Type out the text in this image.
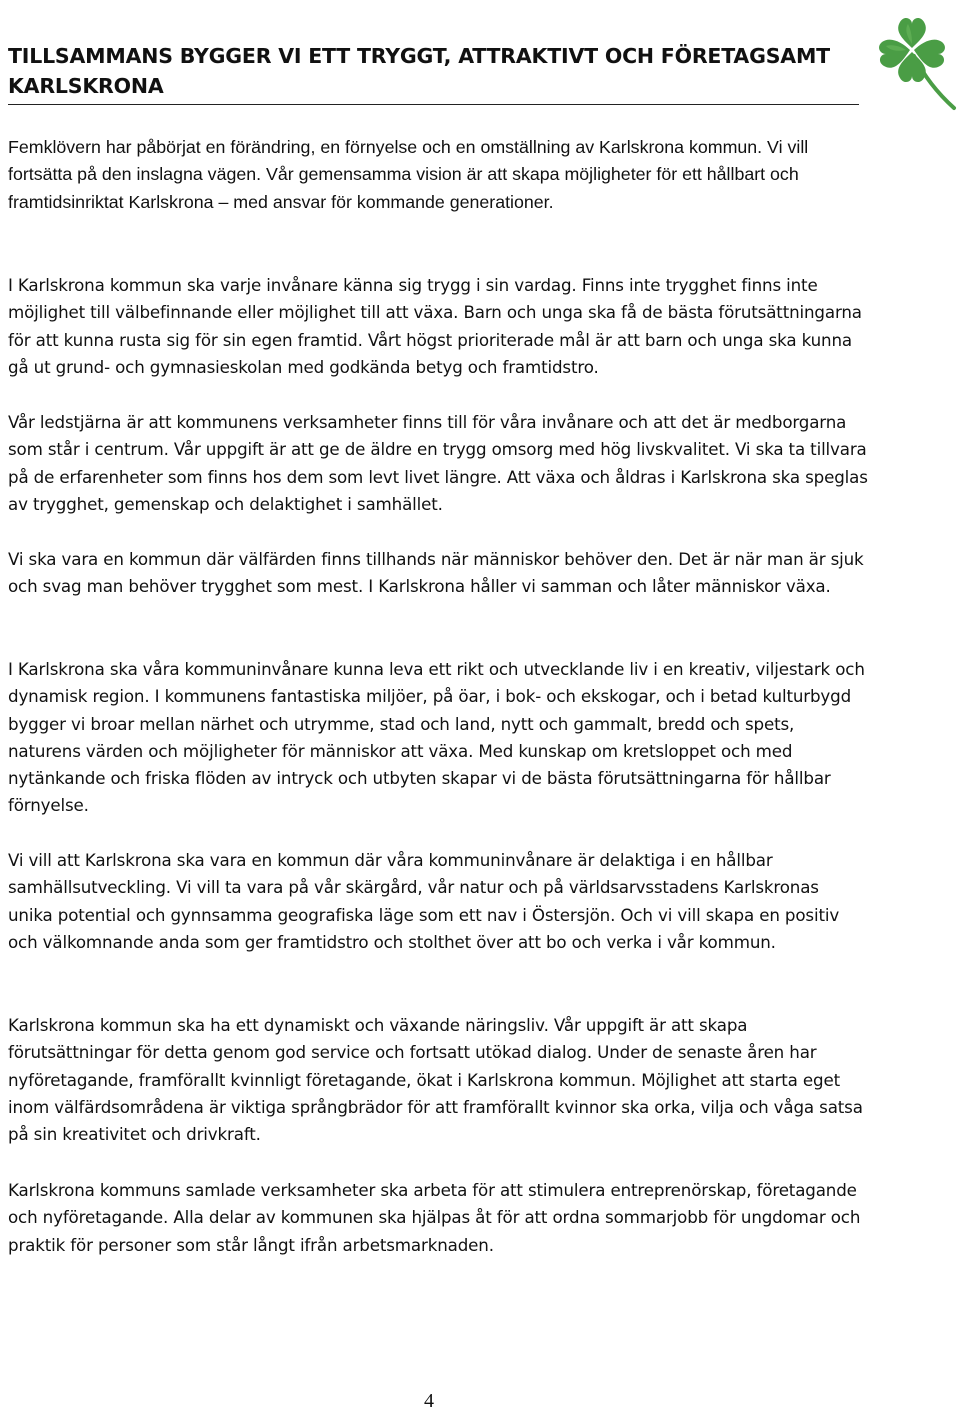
TILLSAMMANS BYGGER VI ETT TRYGGT, ATTRAKTIVT OCH FÖRETAGSAMT KARLSKRONA

Femklövern har påbörjat en förändring, en förnyelse och en omställning av Karlskrona kommun. Vi vill fortsätta på den inslagna vägen. Vår gemensamma vision är att skapa möjligheter för ett hållbart och framtidsinriktat Karlskrona – med ansvar för kommande generationer.

I Karlskrona kommun ska varje invånare känna sig trygg i sin vardag. Finns inte trygghet finns inte möjlighet till välbefinnande eller möjlighet till att växa. Barn och unga ska få de bästa förutsättningarna för att kunna rusta sig för sin egen framtid. Vårt högst prioriterade mål är att barn och unga ska kunna gå ut grund- och gymnasieskolan med godkända betyg och framtidstro.

Vår ledstjärna är att kommunens verksamheter finns till för våra invånare och att det är medborgarna som står i centrum. Vår uppgift är att ge de äldre en trygg omsorg med hög livskvalitet. Vi ska ta tillvara på de erfarenheter som finns hos dem som levt livet längre. Att växa och åldras i Karlskrona ska speglas av trygghet, gemenskap och delaktighet i samhället.

Vi ska vara en kommun där välfärden finns tillhands när människor behöver den. Det är när man är sjuk och svag man behöver trygghet som mest. I Karlskrona håller vi samman och låter människor växa.

I Karlskrona ska våra kommuninvånare kunna leva ett rikt och utvecklande liv i en kreativ, viljestark och dynamisk region. I kommunens fantastiska miljöer, på öar, i bok- och ekskogar, och i betad kulturbygd bygger vi broar mellan närhet och utrymme, stad och land, nytt och gammalt, bredd och spets, naturens värden och möjligheter för människor att växa. Med kunskap om kretsloppet och med nytänkande och friska flöden av intryck och utbyten skapar vi de bästa förutsättningarna för hållbar förnyelse.

Vi vill att Karlskrona ska vara en kommun där våra kommuninvånare är delaktiga i en hållbar samhällsutveckling. Vi vill ta vara på vår skärgård, vår natur och på världsarvsstadens Karlskronas unika potential och gynnsamma geografiska läge som ett nav i Östersjön. Och vi vill skapa en positiv och välkomnande anda som ger framtidstro och stolthet över att bo och verka i vår kommun.

Karlskrona kommun ska ha ett dynamiskt och växande näringsliv. Vår uppgift är att skapa förutsättningar för detta genom god service och fortsatt utökad dialog. Under de senaste åren har nyföretagande, framförallt kvinnligt företagande, ökat i Karlskrona kommun. Möjlighet att starta eget inom välfärdsområdena är viktiga språngbrädor för att framförallt kvinnor ska orka, vilja och våga satsa på sin kreativitet och drivkraft.

Karlskrona kommuns samlade verksamheter ska arbeta för att stimulera entreprenörskap, företagande och nyföretagande. Alla delar av kommunen ska hjälpas åt för att ordna sommarjobb för ungdomar och praktik för personer som står långt ifrån arbetsmarknaden.

4
